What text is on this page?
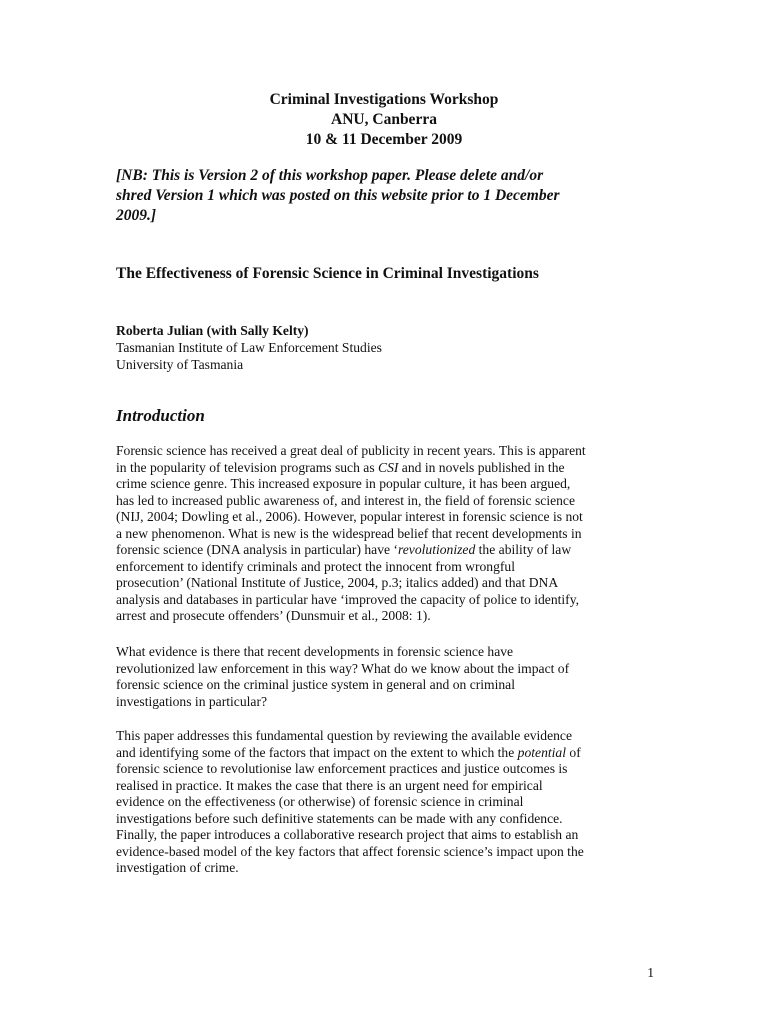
Criminal Investigations Workshop
ANU, Canberra
10 & 11 December 2009
[NB: This is Version 2 of this workshop paper. Please delete and/or
shred Version 1 which was posted on this website prior to 1 December
2009.]
The Effectiveness of Forensic Science in Criminal Investigations
Roberta Julian (with Sally Kelty)
Tasmanian Institute of Law Enforcement Studies
University of Tasmania
Introduction
Forensic science has received a great deal of publicity in recent years. This is apparent
in the popularity of television programs such as CSI and in novels published in the
crime science genre. This increased exposure in popular culture, it has been argued,
has led to increased public awareness of, and interest in, the field of forensic science
(NIJ, 2004; Dowling et al., 2006). However, popular interest in forensic science is not
a new phenomenon. What is new is the widespread belief that recent developments in
forensic science (DNA analysis in particular) have ‘revolutionized the ability of law
enforcement to identify criminals and protect the innocent from wrongful
prosecution’ (National Institute of Justice, 2004, p.3; italics added) and that DNA
analysis and databases in particular have ‘improved the capacity of police to identify,
arrest and prosecute offenders’ (Dunsmuir et al., 2008: 1).
What evidence is there that recent developments in forensic science have
revolutionized law enforcement in this way? What do we know about the impact of
forensic science on the criminal justice system in general and on criminal
investigations in particular?
This paper addresses this fundamental question by reviewing the available evidence
and identifying some of the factors that impact on the extent to which the potential of
forensic science to revolutionise law enforcement practices and justice outcomes is
realised in practice. It makes the case that there is an urgent need for empirical
evidence on the effectiveness (or otherwise) of forensic science in criminal
investigations before such definitive statements can be made with any confidence.
Finally, the paper introduces a collaborative research project that aims to establish an
evidence-based model of the key factors that affect forensic science’s impact upon the
investigation of crime.
1
